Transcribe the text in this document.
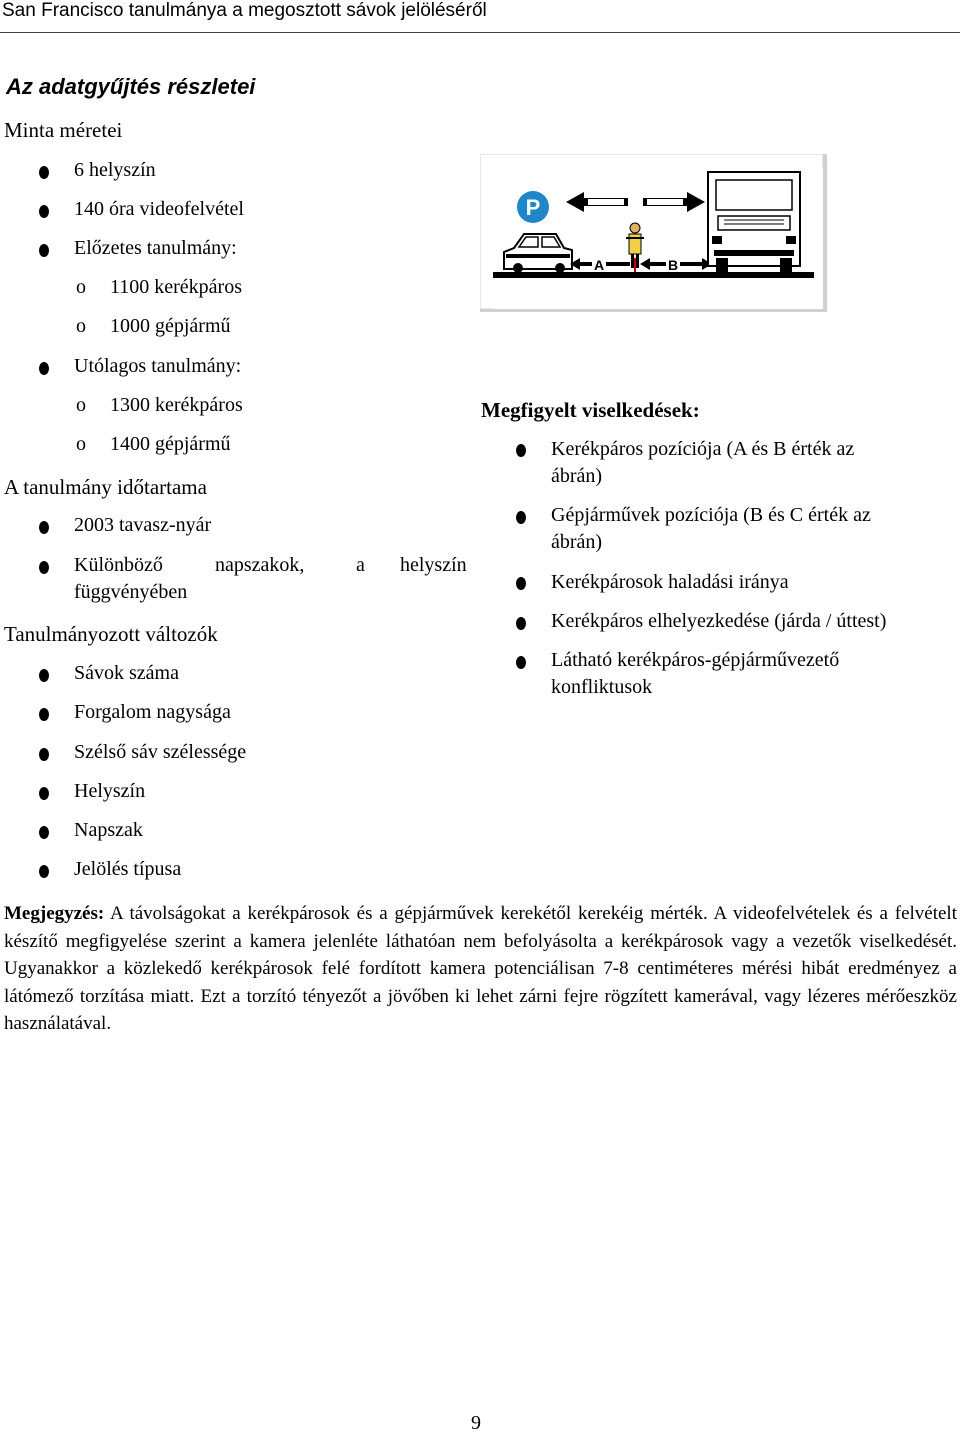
San Francisco tanulmánya a megosztott sávok jelöléséről
Az adatgyűjtés részletei
Minta méretei
6 helyszín
140 óra videofelvétel
Előzetes tanulmány:
o 1100 kerékpáros
o 1000 gépjármű
Utólagos tanulmány:
o 1300 kerékpáros
o 1400 gépjármű
A tanulmány időtartama
2003 tavasz-nyár
Különböző	napszakok,	a helyszín
függvényében
Tanulmányozott változók
Sávok száma
Forgalom nagysága
Szélső sáv szélessége
Helyszín
Napszak
Jelölés típusa
P
A	B
Megfigyelt viselkedések:
Kerékpáros pozíciója (A és B érték az
ábrán)
Gépjárművek pozíciója (B és C érték az
ábrán)
Kerékpárosok haladási iránya
Kerékpáros elhelyezkedése (járda / úttest)
Látható kerékpáros-gépjárművezető
konfliktusok
Megjegyzés: A távolságokat a kerékpárosok és a gépjárművek kerekétől kerekéig mérték. A videofelvételek és a felvételt készítő megfigyelése szerint a kamera jelenléte láthatóan nem befolyásolta a kerékpárosok vagy a vezetők viselkedését. Ugyanakkor a közlekedő kerékpárosok felé fordított kamera potenciálisan 7-8 centiméteres mérési hibát eredményez a látómező torzítása miatt. Ezt a torzító tényezőt a jövőben ki lehet zárni fejre rögzített kamerával, vagy lézeres mérőeszköz használatával.
9
